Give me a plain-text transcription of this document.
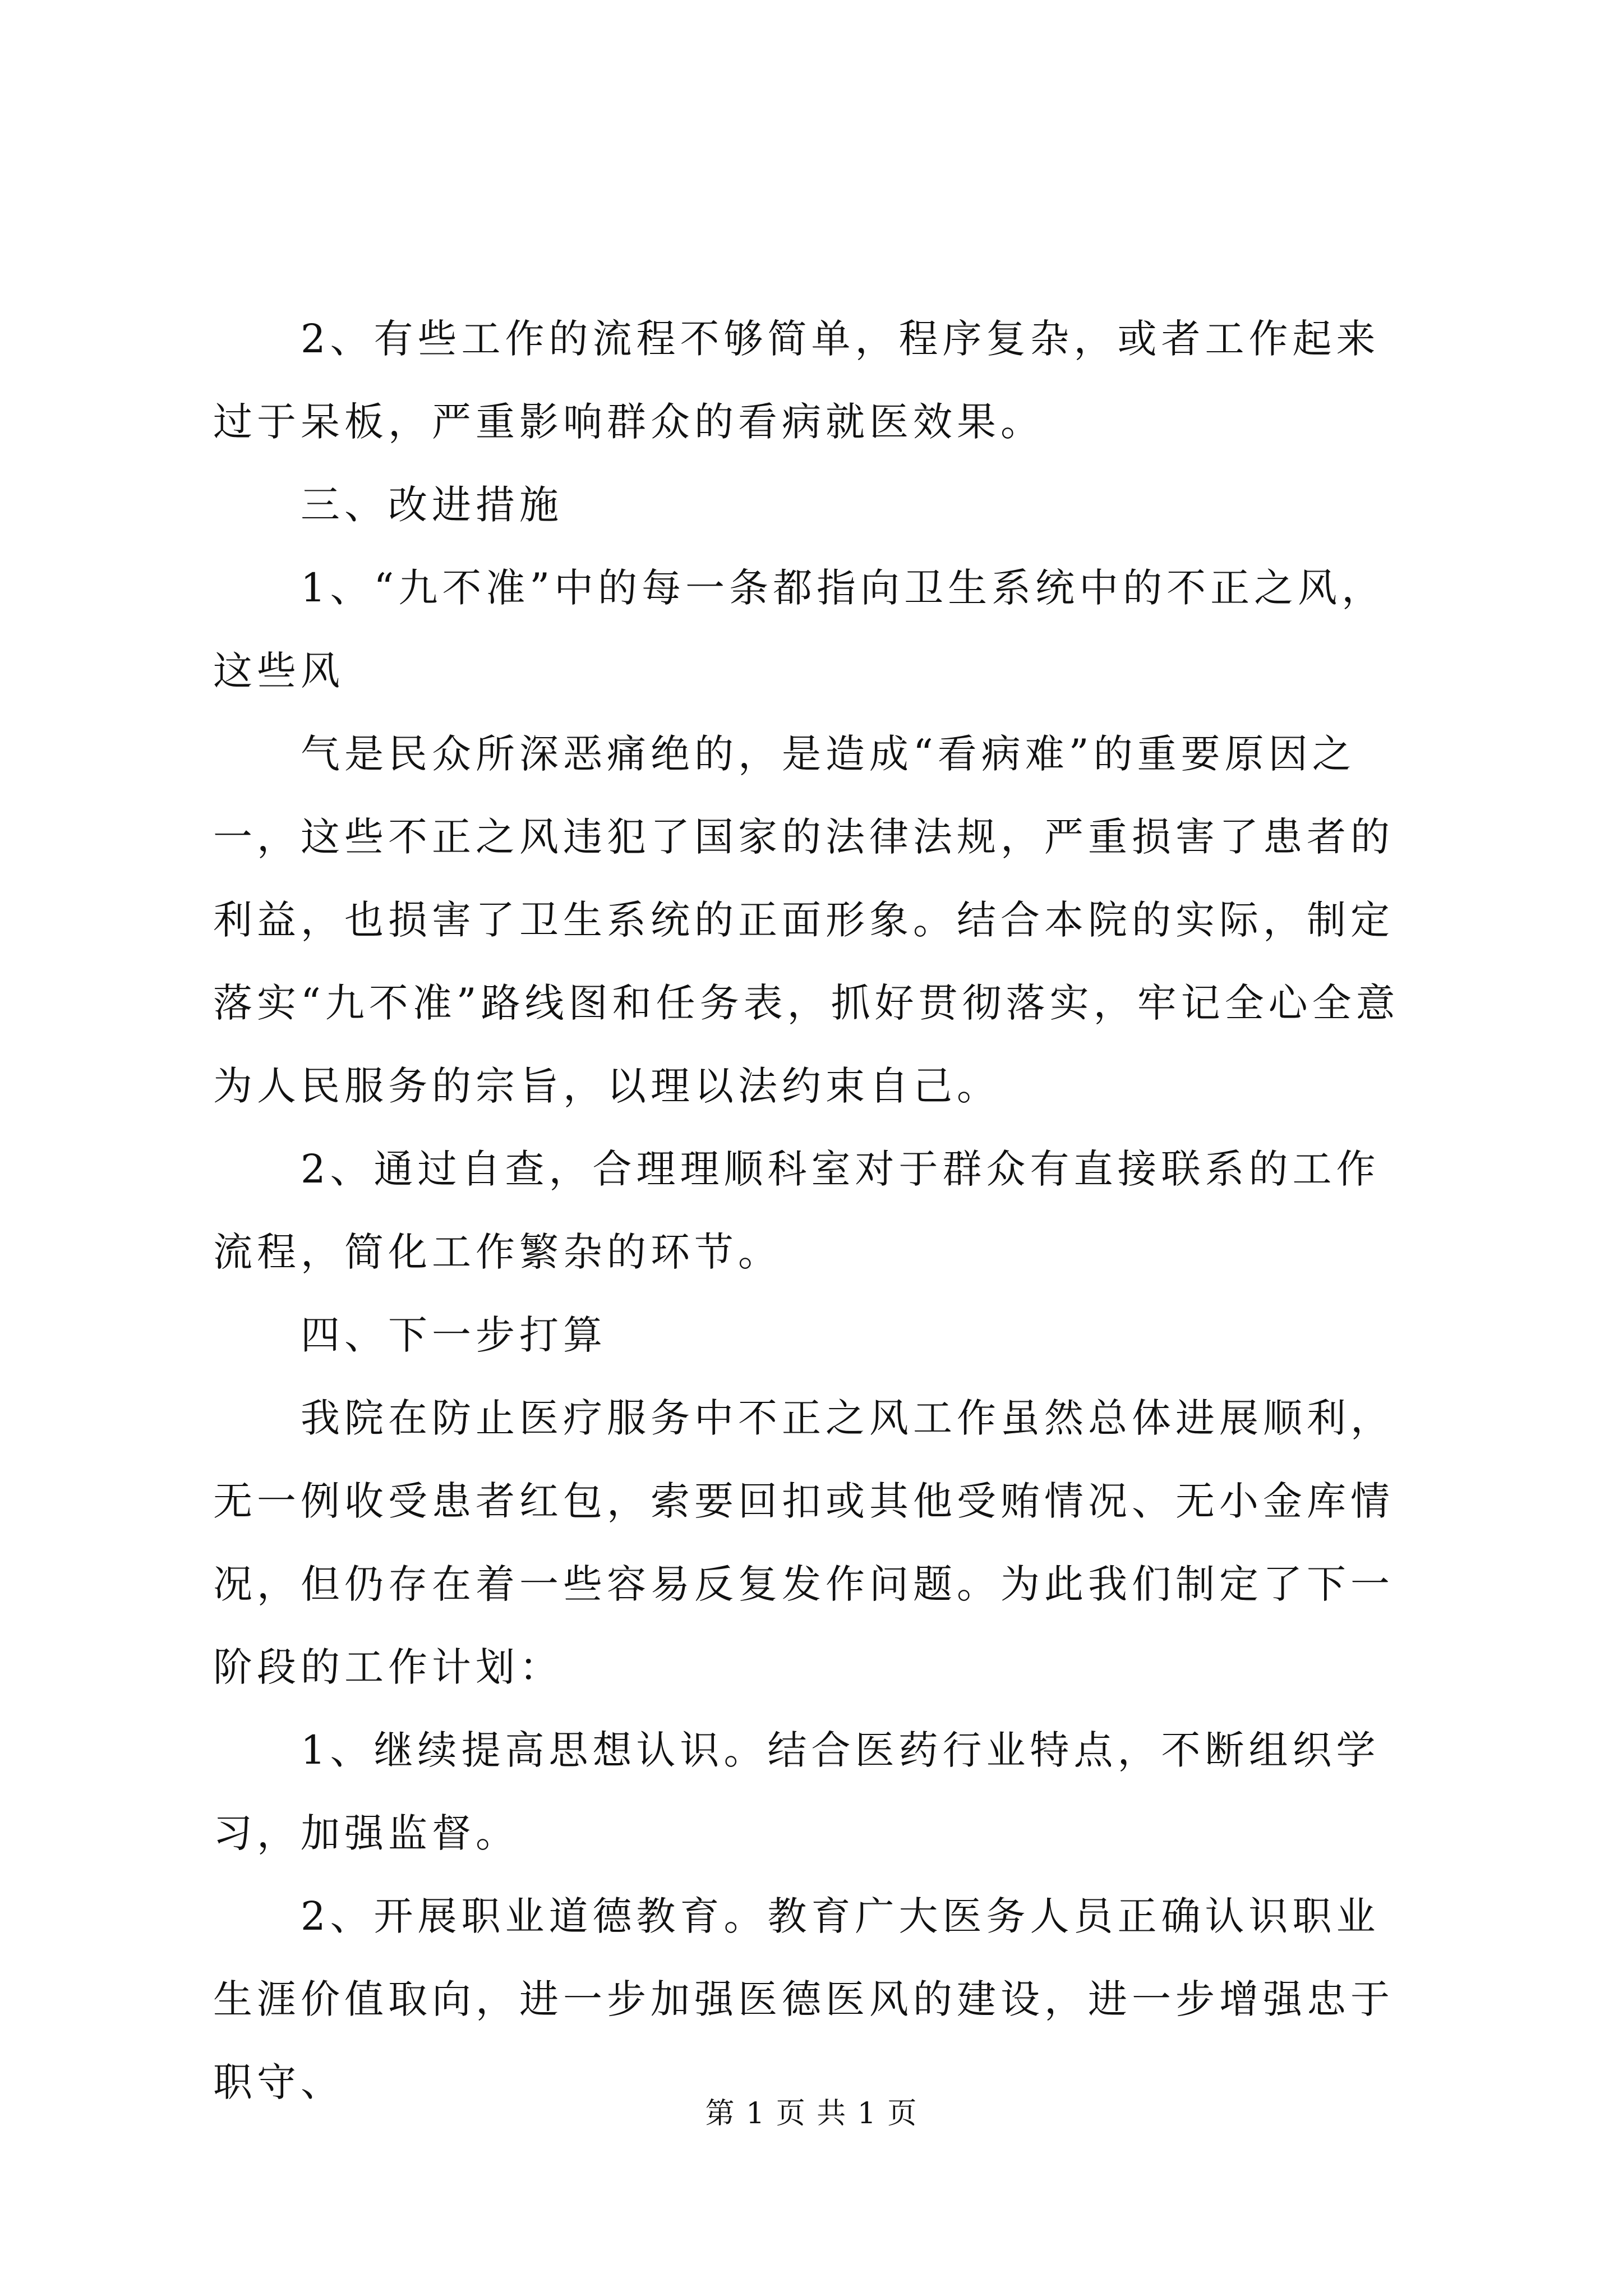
2、有些工作的流程不够简单，程序复杂，或者工作起来过于呆板，严重影响群众的看病就医效果。

三、改进措施

1、“九不准”中的每一条都指向卫生系统中的不正之风，

这些风

气是民众所深恶痛绝的，是造成“看病难”的重要原因之一，这些不正之风违犯了国家的法律法规，严重损害了患者的利益，也损害了卫生系统的正面形象。结合本院的实际，制定落实“九不准”路线图和任务表，抓好贯彻落实，牢记全心全意为人民服务的宗旨，以理以法约束自己。

2、通过自查，合理理顺科室对于群众有直接联系的工作流程，简化工作繁杂的环节。

四、下一步打算

我院在防止医疗服务中不正之风工作虽然总体进展顺利，无一例收受患者红包，索要回扣或其他受贿情况、无小金库情况，但仍存在着一些容易反复发作问题。为此我们制定了下一阶段的工作计划：

1、继续提高思想认识。结合医药行业特点，不断组织学习，加强监督。

2、开展职业道德教育。教育广大医务人员正确认识职业生涯价值取向，进一步加强医德医风的建设，进一步增强忠于职守、

第 1 页 共 1 页
